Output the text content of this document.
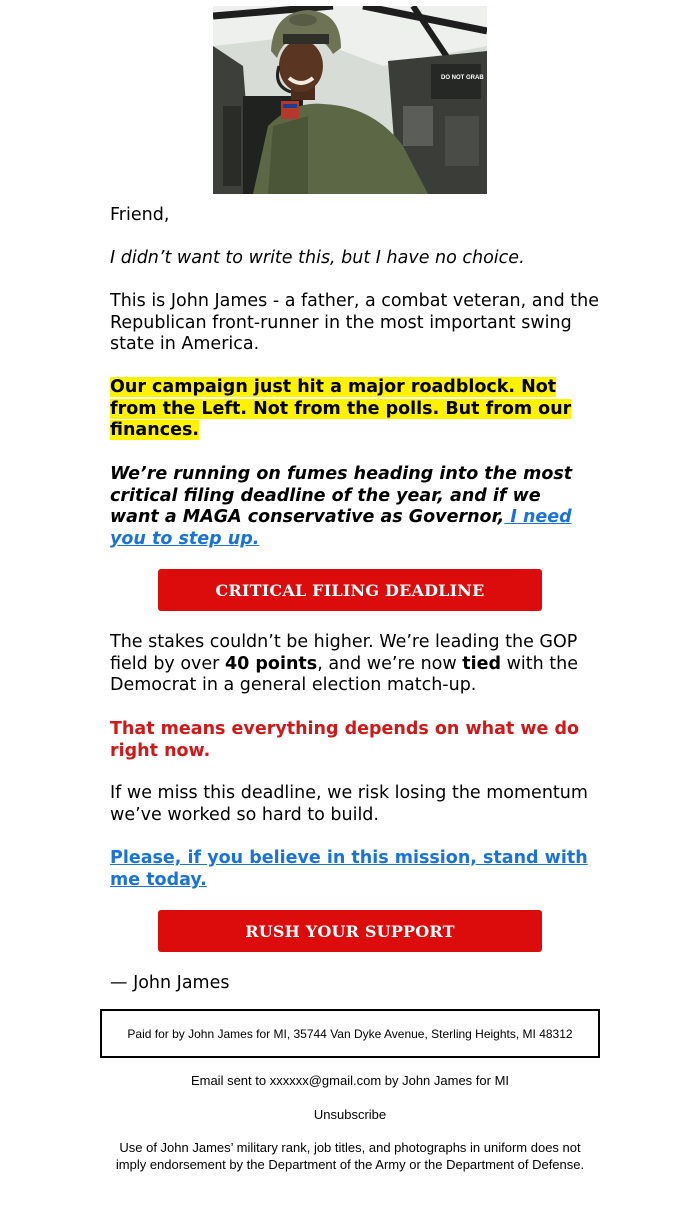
DO NOT GRAB

Friend,

I didn’t want to write this, but I have no choice.

This is John James - a father, a combat veteran, and the Republican front-runner in the most important swing state in America.

Our campaign just hit a major roadblock. Not from the Left. Not from the polls. But from our finances.

We’re running on fumes heading into the most critical filing deadline of the year, and if we want a MAGA conservative as Governor, I need you to step up.

CRITICAL FILING DEADLINE

The stakes couldn’t be higher. We’re leading the GOP field by over 40 points, and we’re now tied with the Democrat in a general election match-up.

That means everything depends on what we do right now.

If we miss this deadline, we risk losing the momentum we’ve worked so hard to build.

Please, if you believe in this mission, stand with me today.

RUSH YOUR SUPPORT

— John James

Paid for by John James for MI, 35744 Van Dyke Avenue, Sterling Heights, MI 48312
Email sent to xxxxxx@gmail.com by John James for MI
Unsubscribe
Use of John James’ military rank, job titles, and photographs in uniform does not imply endorsement by the Department of the Army or the Department of Defense.
